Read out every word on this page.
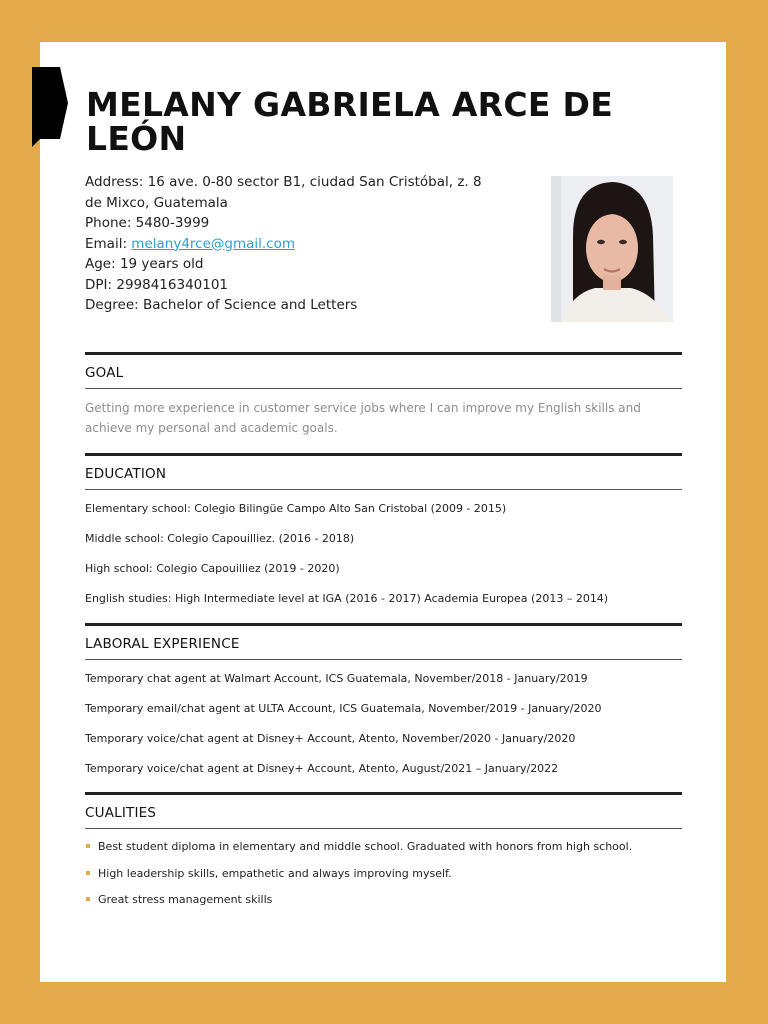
MELANY GABRIELA ARCE DE LEÓN
Address: 16 ave. 0-80 sector B1, ciudad San Cristóbal, z. 8 de Mixco, Guatemala
Phone: 5480-3999
Email: melany4rce@gmail.com
Age: 19 years old
DPI: 2998416340101
Degree: Bachelor of Science and Letters
GOAL
Getting more experience in customer service jobs where I can improve my English skills and achieve my personal and academic goals.
EDUCATION
Elementary school: Colegio Bilingüe Campo Alto San Cristobal (2009 - 2015)
Middle school: Colegio Capouilliez. (2016 - 2018)
High school: Colegio Capouilliez (2019 - 2020)
English studies: High Intermediate level at IGA (2016 - 2017) Academia Europea (2013 – 2014)
LABORAL EXPERIENCE
Temporary chat agent at Walmart Account, ICS Guatemala, November/2018 - January/2019
Temporary email/chat agent at ULTA Account, ICS Guatemala, November/2019 - January/2020
Temporary voice/chat agent at Disney+ Account, Atento, November/2020 - January/2020
Temporary voice/chat agent at Disney+ Account, Atento, August/2021 – January/2022
CUALITIES
Best student diploma in elementary and middle school. Graduated with honors from high school.
High leadership skills, empathetic and always improving myself.
Great stress management skills
